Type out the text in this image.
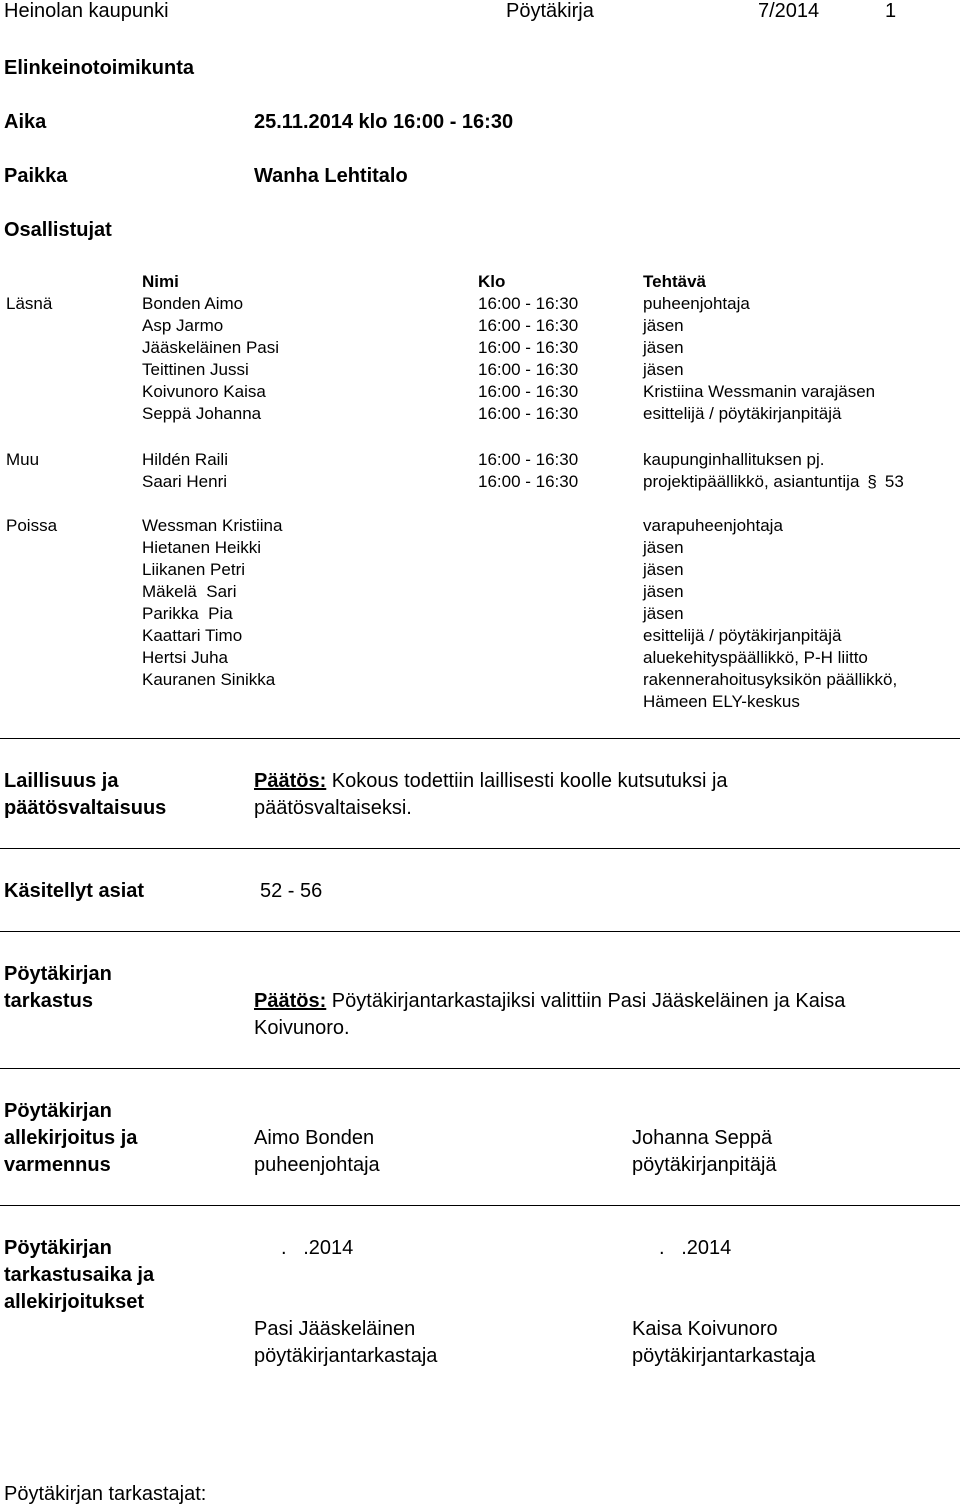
Heinolan kaupunki	Pöytäkirja	7/2014	1
Elinkeinotoimikunta
Aika	25.11.2014 klo 16:00 - 16:30
Paikka	Wanha Lehtitalo
Osallistujat
Nimi	Klo	Tehtävä
Läsnä	Bonden Aimo	16:00 - 16:30	puheenjohtaja
Asp Jarmo	16:00 - 16:30	jäsen
Jääskeläinen Pasi	16:00 - 16:30	jäsen
Teittinen Jussi	16:00 - 16:30	jäsen
Koivunoro Kaisa	16:00 - 16:30	Kristiina Wessmanin varajäsen
Seppä Johanna	16:00 - 16:30	esittelijä / pöytäkirjanpitäjä
Muu	Hildén Raili	16:00 - 16:30	kaupunginhallituksen pj.
Saari Henri	16:00 - 16:30	projektipäällikkö, asiantuntija § 53
Poissa	Wessman Kristiina	varapuheenjohtaja
Hietanen Heikki	jäsen
Liikanen Petri	jäsen
Mäkelä  Sari	jäsen
Parikka  Pia	jäsen
Kaattari Timo	esittelijä / pöytäkirjanpitäjä
Hertsi Juha	aluekehityspäällikkö, P-H liitto
Kauranen Sinikka	rakennerahoitusyksikön päällikkö,
Hämeen ELY-keskus
Laillisuus ja
päätösvaltaisuus
Päätös: Kokous todettiin laillisesti koolle kutsutuksi ja
päätösvaltaiseksi.
Käsitellyt asiat	52 - 56
Pöytäkirjan
tarkastus	Päätös: Pöytäkirjantarkastajiksi valittiin Pasi Jääskeläinen ja Kaisa
Koivunoro.
Pöytäkirjan
allekirjoitus ja
varmennus
Aimo Bonden
puheenjohtaja
Johanna Seppä
pöytäkirjanpitäjä
Pöytäkirjan
tarkastusaika ja
allekirjoitukset
.   .2014	.   .2014
Pasi Jääskeläinen
pöytäkirjantarkastaja
Kaisa Koivunoro
pöytäkirjantarkastaja
Pöytäkirjan tarkastajat:
